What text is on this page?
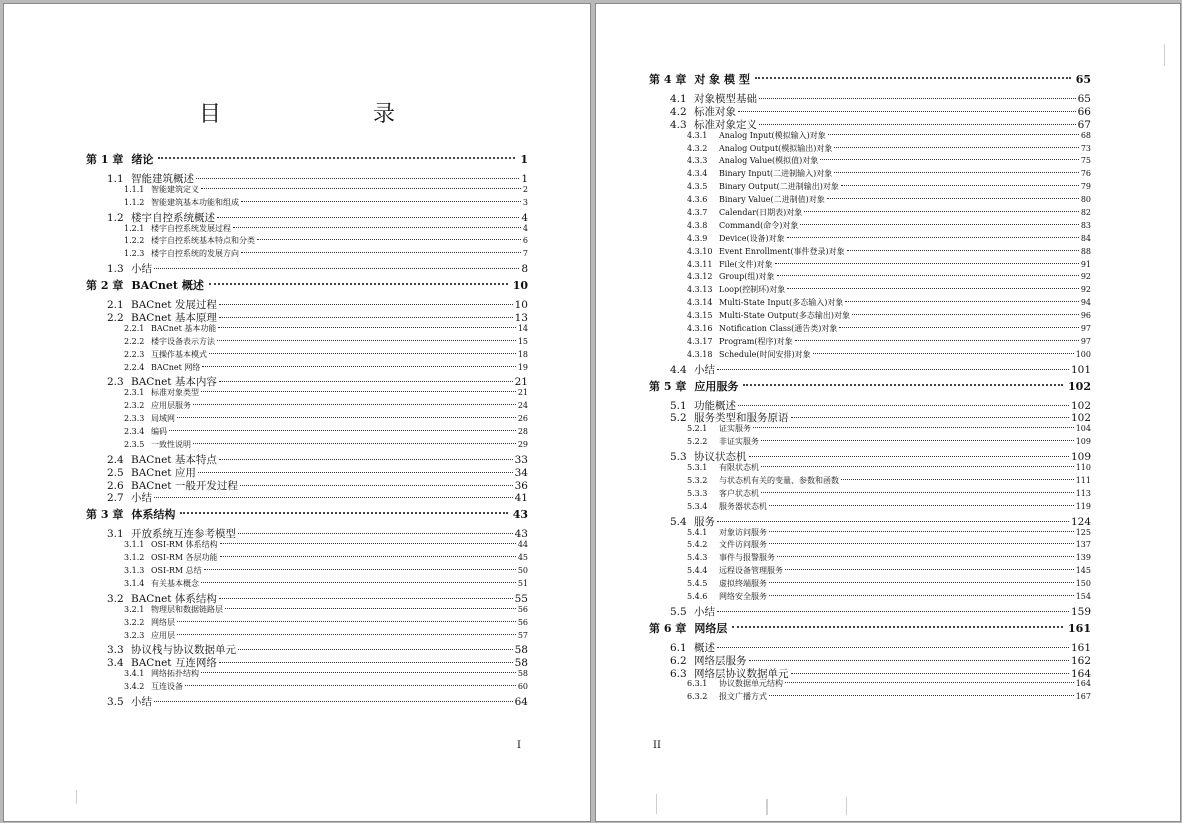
目　　录
第 1 章 绪论	1
1.1 智能建筑概述	1
1.1.1 智能建筑定义	2
1.1.2 智能建筑基本功能和组成	3
1.2 楼宇自控系统概述	4
1.2.1 楼宇自控系统发展过程	4
1.2.2 楼宇自控系统基本特点和分类	6
1.2.3 楼宇自控系统的发展方向	7
1.3 小结	8
第 2 章 BACnet 概述	10
2.1 BACnet 发展过程	10
2.2 BACnet 基本原理	13
2.2.1 BACnet 基本功能	14
2.2.2 楼宇设备表示方法	15
2.2.3 互操作基本模式	18
2.2.4 BACnet 网络	19
2.3 BACnet 基本内容	21
2.3.1 标准对象类型	21
2.3.2 应用层服务	24
2.3.3 局域网	26
2.3.4 编码	28
2.3.5 一致性说明	29
2.4 BACnet 基本特点	33
2.5 BACnet 应用	34
2.6 BACnet 一般开发过程	36
2.7 小结	41
第 3 章 体系结构	43
3.1 开放系统互连参考模型	43
3.1.1 OSI-RM 体系结构	44
3.1.2 OSI-RM 各层功能	45
3.1.3 OSI-RM 总结	50
3.1.4 有关基本概念	51
3.2 BACnet 体系结构	55
3.2.1 物理层和数据链路层	56
3.2.2 网络层	56
3.2.3 应用层	57
3.3 协议栈与协议数据单元	58
3.4 BACnet 互连网络	58
3.4.1 网络拓扑结构	58
3.4.2 互连设备	60
3.5 小结	64
I
第 4 章 对 象 模 型	65
4.1 对象模型基础	65
4.2 标准对象	66
4.3 标准对象定义	67
4.3.1	Analog Input(模拟输入)对象	68
4.3.2	Analog Output(模拟输出)对象	73
4.3.3	Analog Value(模拟值)对象	75
4.3.4	Binary Input(二进制输入)对象	76
4.3.5	Binary Output(二进制输出)对象	79
4.3.6	Binary Value(二进制值)对象	80
4.3.7	Calendar(日期表)对象	82
4.3.8	Command(命令)对象	83
4.3.9	Device(设备)对象	84
4.3.10 Event Enrollment(事件登录)对象	88
4.3.11 File(文件)对象	91
4.3.12 Group(组)对象	92
4.3.13 Loop(控制环)对象	92
4.3.14 Multi-State Input(多态输入)对象	94
4.3.15 Multi-State Output(多态输出)对象	96
4.3.16 Notification Class(通告类)对象	97
4.3.17 Program(程序)对象	97
4.3.18 Schedule(时间安排)对象	100
4.4 小结	101
第 5 章 应用服务	102
5.1 功能概述	102
5.2 服务类型和服务原语	102
5.2.1	证实服务	104
5.2.2	非证实服务	109
5.3 协议状态机	109
5.3.1	有限状态机	110
5.3.2	与状态机有关的变量、参数和函数	111
5.3.3	客户状态机	113
5.3.4	服务器状态机	119
5.4 服务	124
5.4.1	对象访问服务	125
5.4.2	文件访问服务	137
5.4.3	事件与报警服务	139
5.4.4	远程设备管理服务	145
5.4.5	虚拟终端服务	150
5.4.6	网络安全服务	154
5.5 小结	159
第 6 章 网络层	161
6.1 概述	161
6.2 网络层服务	162
6.3 网络层协议数据单元	164
6.3.1	协议数据单元结构	164
6.3.2	报文广播方式	167
II
